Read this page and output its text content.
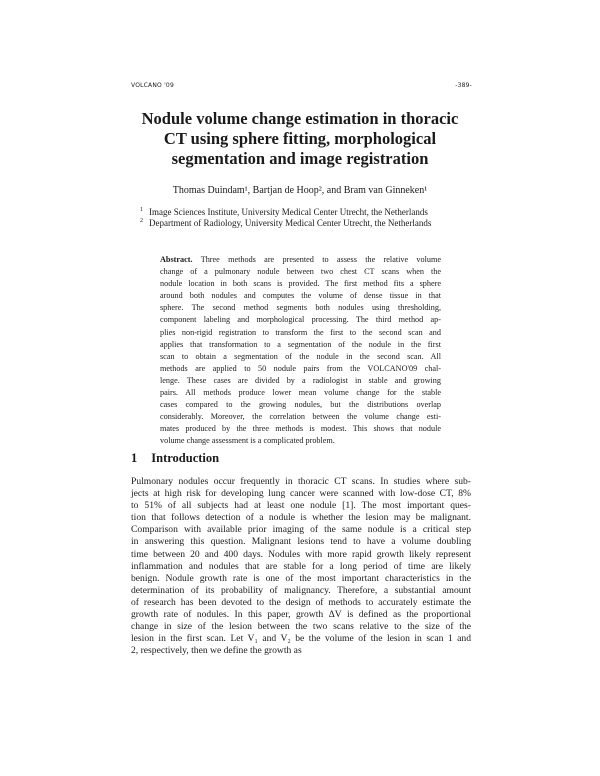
VOLCANO '09	-389-
Nodule volume change estimation in thoracic
CT using sphere fitting, morphological
segmentation and image registration
Thomas Duindam¹, Bartjan de Hoop², and Bram van Ginneken¹
$^1$ Image Sciences Institute, University Medical Center Utrecht, the Netherlands
$^2$ Department of Radiology, University Medical Center Utrecht, the Netherlands
Abstract. Three methods are presented to assess the relative volume
change of a pulmonary nodule between two chest CT scans when the
nodule location in both scans is provided. The first method fits a sphere
around both nodules and computes the volume of dense tissue in that
sphere. The second method segments both nodules using thresholding,
component labeling and morphological processing. The third method ap-
plies non-rigid registration to transform the first to the second scan and
applies that transformation to a segmentation of the nodule in the first
scan to obtain a segmentation of the nodule in the second scan. All
methods are applied to 50 nodule pairs from the VOLCANO'09 chal-
lenge. These cases are divided by a radiologist in stable and growing
pairs. All methods produce lower mean volume change for the stable
cases compared to the growing nodules, but the distributions overlap
considerably. Moreover, the correlation between the volume change esti-
mates produced by the three methods is modest. This shows that nodule
volume change assessment is a complicated problem.
1 Introduction
Pulmonary nodules occur frequently in thoracic CT scans. In studies where sub-
jects at high risk for developing lung cancer were scanned with low-dose CT, 8%
to 51% of all subjects had at least one nodule [1]. The most important ques-
tion that follows detection of a nodule is whether the lesion may be malignant.
Comparison with available prior imaging of the same nodule is a critical step
in answering this question. Malignant lesions tend to have a volume doubling
time between 20 and 400 days. Nodules with more rapid growth likely represent
inflammation and nodules that are stable for a long period of time are likely
benign. Nodule growth rate is one of the most important characteristics in the
determination of its probability of malignancy. Therefore, a substantial amount
of research has been devoted to the design of methods to accurately estimate the
growth rate of nodules. In this paper, growth ΔV is defined as the proportional
change in size of the lesion between the two scans relative to the size of the
lesion in the first scan. Let V₁ and V₂ be the volume of the lesion in scan 1 and
2, respectively, then we define the growth as
